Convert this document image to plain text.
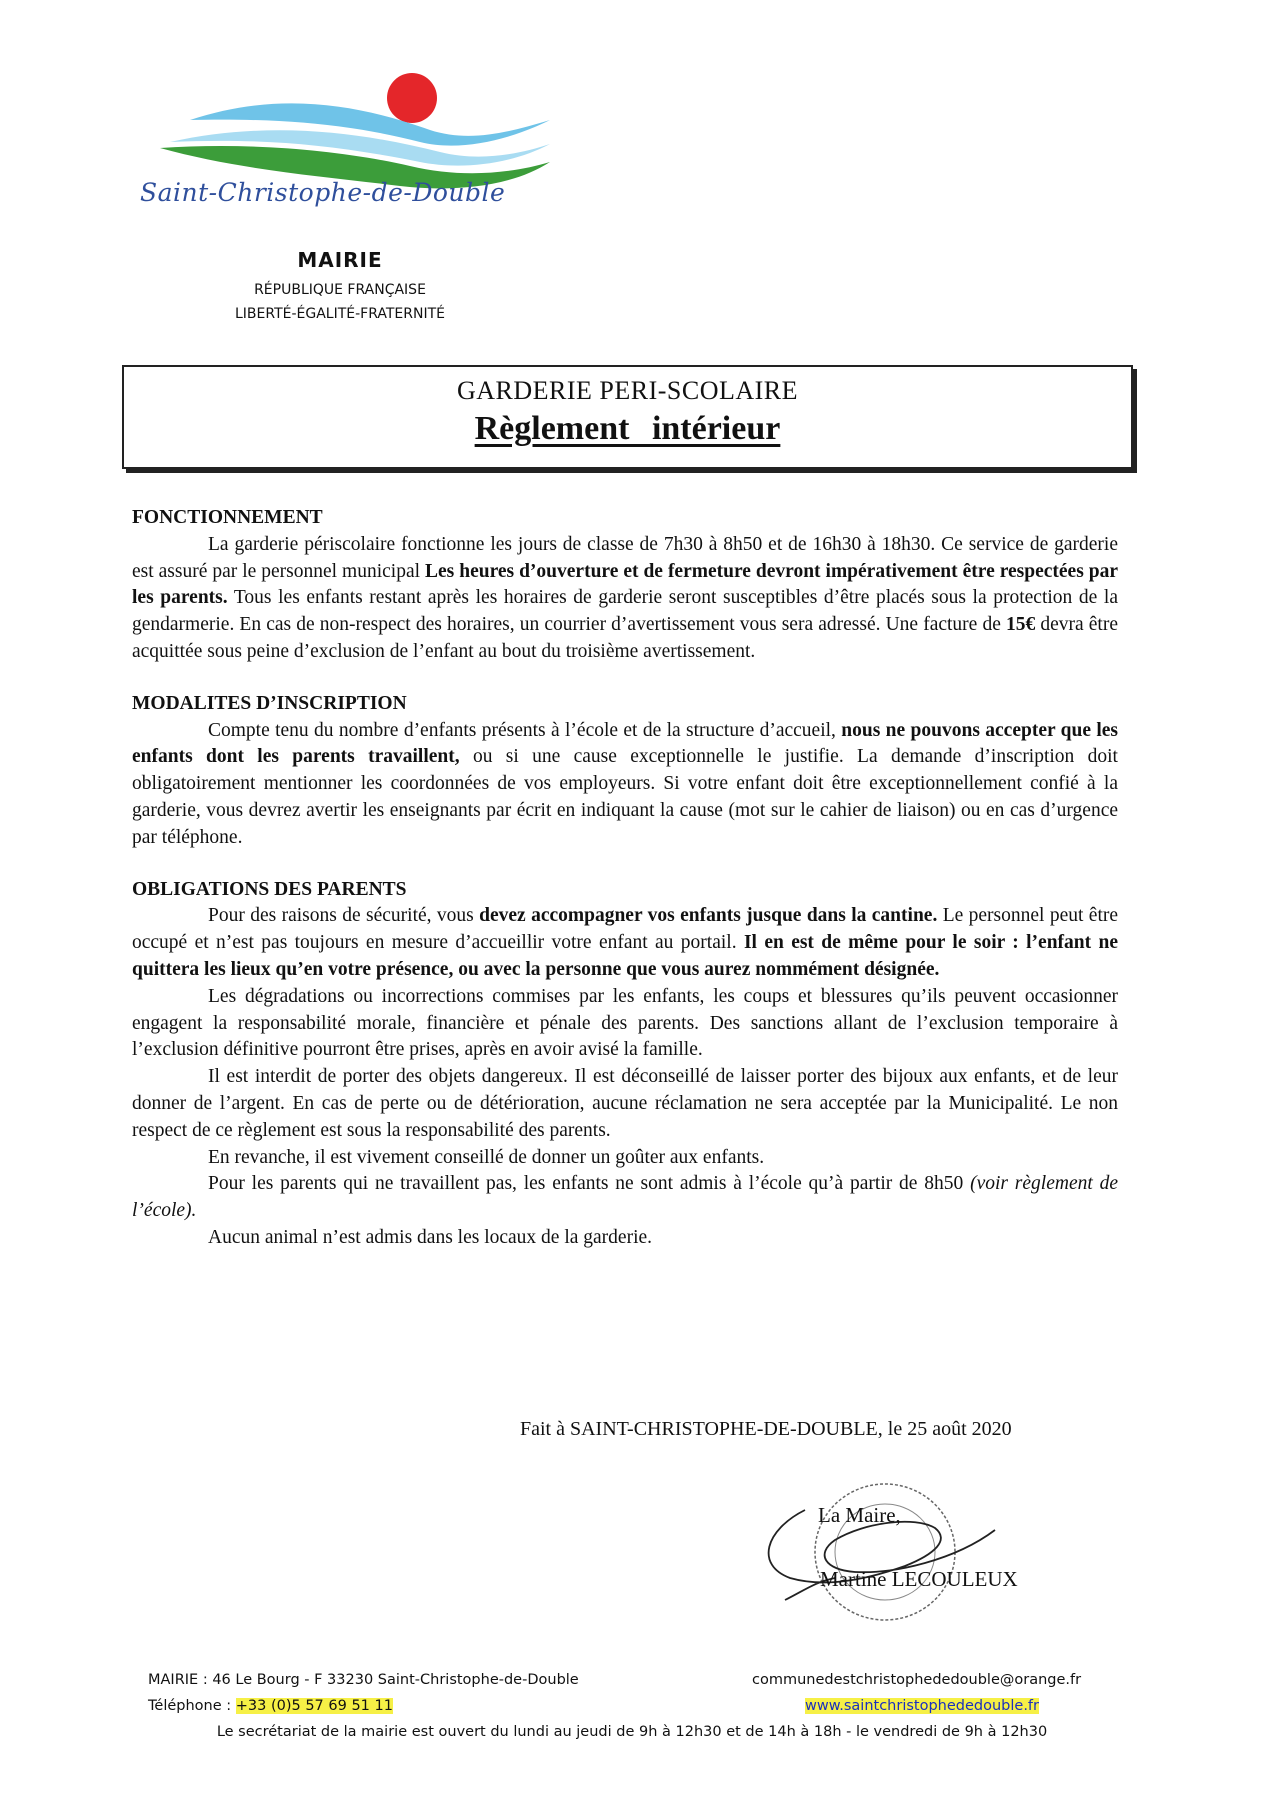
Saint-Christophe-de-Double
MAIRIE
RÉPUBLIQUE FRANÇAISE
LIBERTÉ-ÉGALITÉ-FRATERNITÉ
GARDERIE PERI-SCOLAIRE
Règlement intérieur

FONCTIONNEMENT

La garderie périscolaire fonctionne les jours de classe de 7h30 à 8h50 et de 16h30 à 18h30. Ce service de garderie est assuré par le personnel municipal Les heures d’ouverture et de fermeture devront impérativement être respectées par les parents. Tous les enfants restant après les horaires de garderie seront susceptibles d’être placés sous la protection de la gendarmerie. En cas de non-respect des horaires, un courrier d’avertissement vous sera adressé. Une facture de 15€ devra être acquittée sous peine d’exclusion de l’enfant au bout du troisième avertissement.

MODALITES D’INSCRIPTION

Compte tenu du nombre d’enfants présents à l’école et de la structure d’accueil, nous ne pouvons accepter que les enfants dont les parents travaillent, ou si une cause exceptionnelle le justifie. La demande d’inscription doit obligatoirement mentionner les coordonnées de vos employeurs. Si votre enfant doit être exceptionnellement confié à la garderie, vous devrez avertir les enseignants par écrit en indiquant la cause (mot sur le cahier de liaison) ou en cas d’urgence par téléphone.

OBLIGATIONS DES PARENTS

Pour des raisons de sécurité, vous devez accompagner vos enfants jusque dans la cantine. Le personnel peut être occupé et n’est pas toujours en mesure d’accueillir votre enfant au portail. Il en est de même pour le soir : l’enfant ne quittera les lieux qu’en votre présence, ou avec la personne que vous aurez nommément désignée.

Les dégradations ou incorrections commises par les enfants, les coups et blessures qu’ils peuvent occasionner engagent la responsabilité morale, financière et pénale des parents. Des sanctions allant de l’exclusion temporaire à l’exclusion définitive pourront être prises, après en avoir avisé la famille.

Il est interdit de porter des objets dangereux. Il est déconseillé de laisser porter des bijoux aux enfants, et de leur donner de l’argent. En cas de perte ou de détérioration, aucune réclamation ne sera acceptée par la Municipalité. Le non respect de ce règlement est sous la responsabilité des parents.

En revanche, il est vivement conseillé de donner un goûter aux enfants.

Pour les parents qui ne travaillent pas, les enfants ne sont admis à l’école qu’à partir de 8h50 (voir règlement de l’école).

Aucun animal n’est admis dans les locaux de la garderie.

Fait à SAINT-CHRISTOPHE-DE-DOUBLE, le 25 août 2020
La Maire,
Martine LECOULEUX
MAIRIE : 46 Le Bourg - F 33230 Saint-Christophe-de-Double
Téléphone : +33 (0)5 57 69 51 11
communedestchristophededouble@orange.fr
www.saintchristophededouble.fr
Le secrétariat de la mairie est ouvert du lundi au jeudi de 9h à 12h30 et de 14h à 18h - le vendredi de 9h à 12h30
